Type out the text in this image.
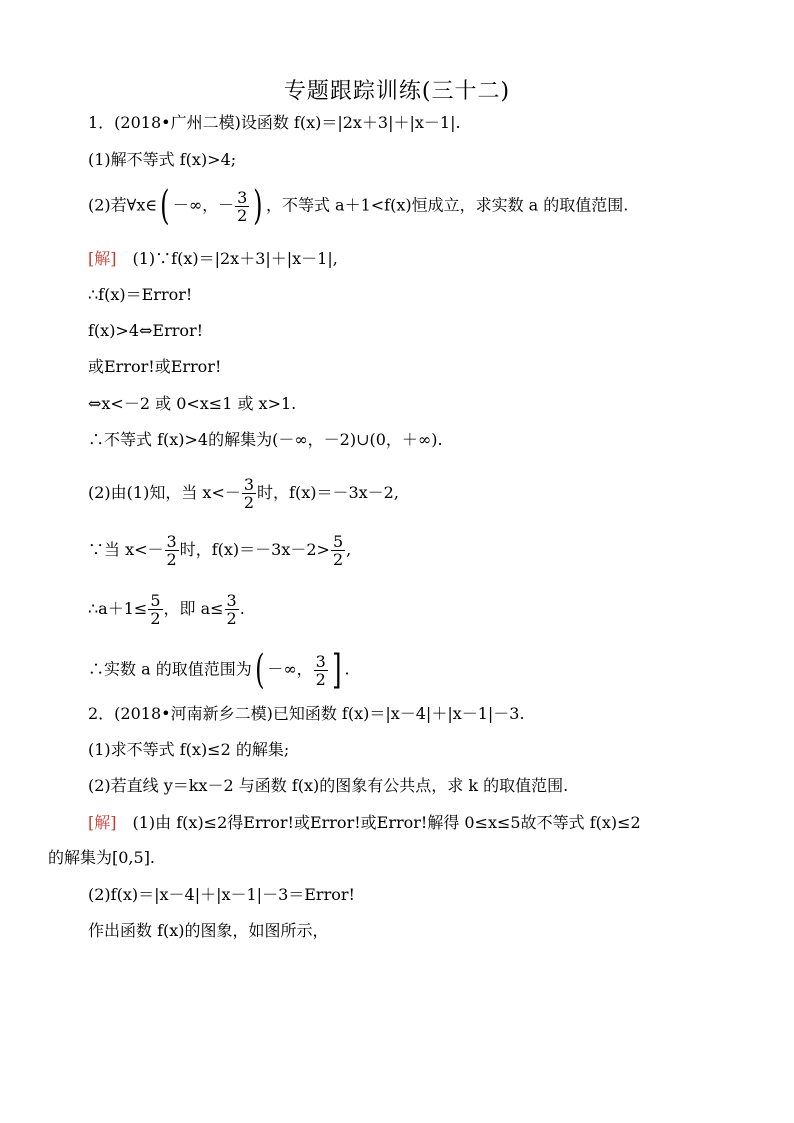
专题跟踪训练(三十二)
1．(2018•广州二模)设函数 f(x)＝|2x＋3|＋|x－1|.
(1)解不等式 f(x)>4;
(2)若∀x∈( －∞，－ $\frac{3}{2}$ ) ，不等式 a＋1<f(x)恒成立，求实数 a 的取值范围.
[解]　(1)∵f(x)＝|2x＋3|＋|x－1|,
∴f(x)＝Error!
f(x)>4⇔Error!
或Error!或Error!
⇔x<－2 或 0<x≤1 或 x>1.
∴不等式 f(x)>4的解集为(－∞，－2)∪(0，＋∞).
(2)由(1)知，当 $x<- \frac{3}{2}$ 时，f(x)＝－3x－2,
∵当 $x<- \frac{3}{2}$ 时，$f(x)=-3x-2> \frac{5}{2}$ ,
∴a＋1≤ $\frac{5}{2}$ ，即 $a\le \frac{3}{2}$ .
∴实数 a 的取值范围为( －∞， $\frac{3}{2}$ ] .
2．(2018•河南新乡二模)已知函数 f(x)＝|x－4|＋|x－1|－3.
(1)求不等式 f(x)≤2 的解集;
(2)若直线 y＝kx－2 与函数 f(x)的图象有公共点，求 k 的取值范围.
[解]　(1)由 f(x)≤2得Error!或Error!或Error!解得 0≤x≤5故不等式 f(x)≤2
的解集为[0,5].
(2)f(x)＝|x－4|＋|x－1|－3＝Error!
作出函数 f(x)的图象，如图所示，
